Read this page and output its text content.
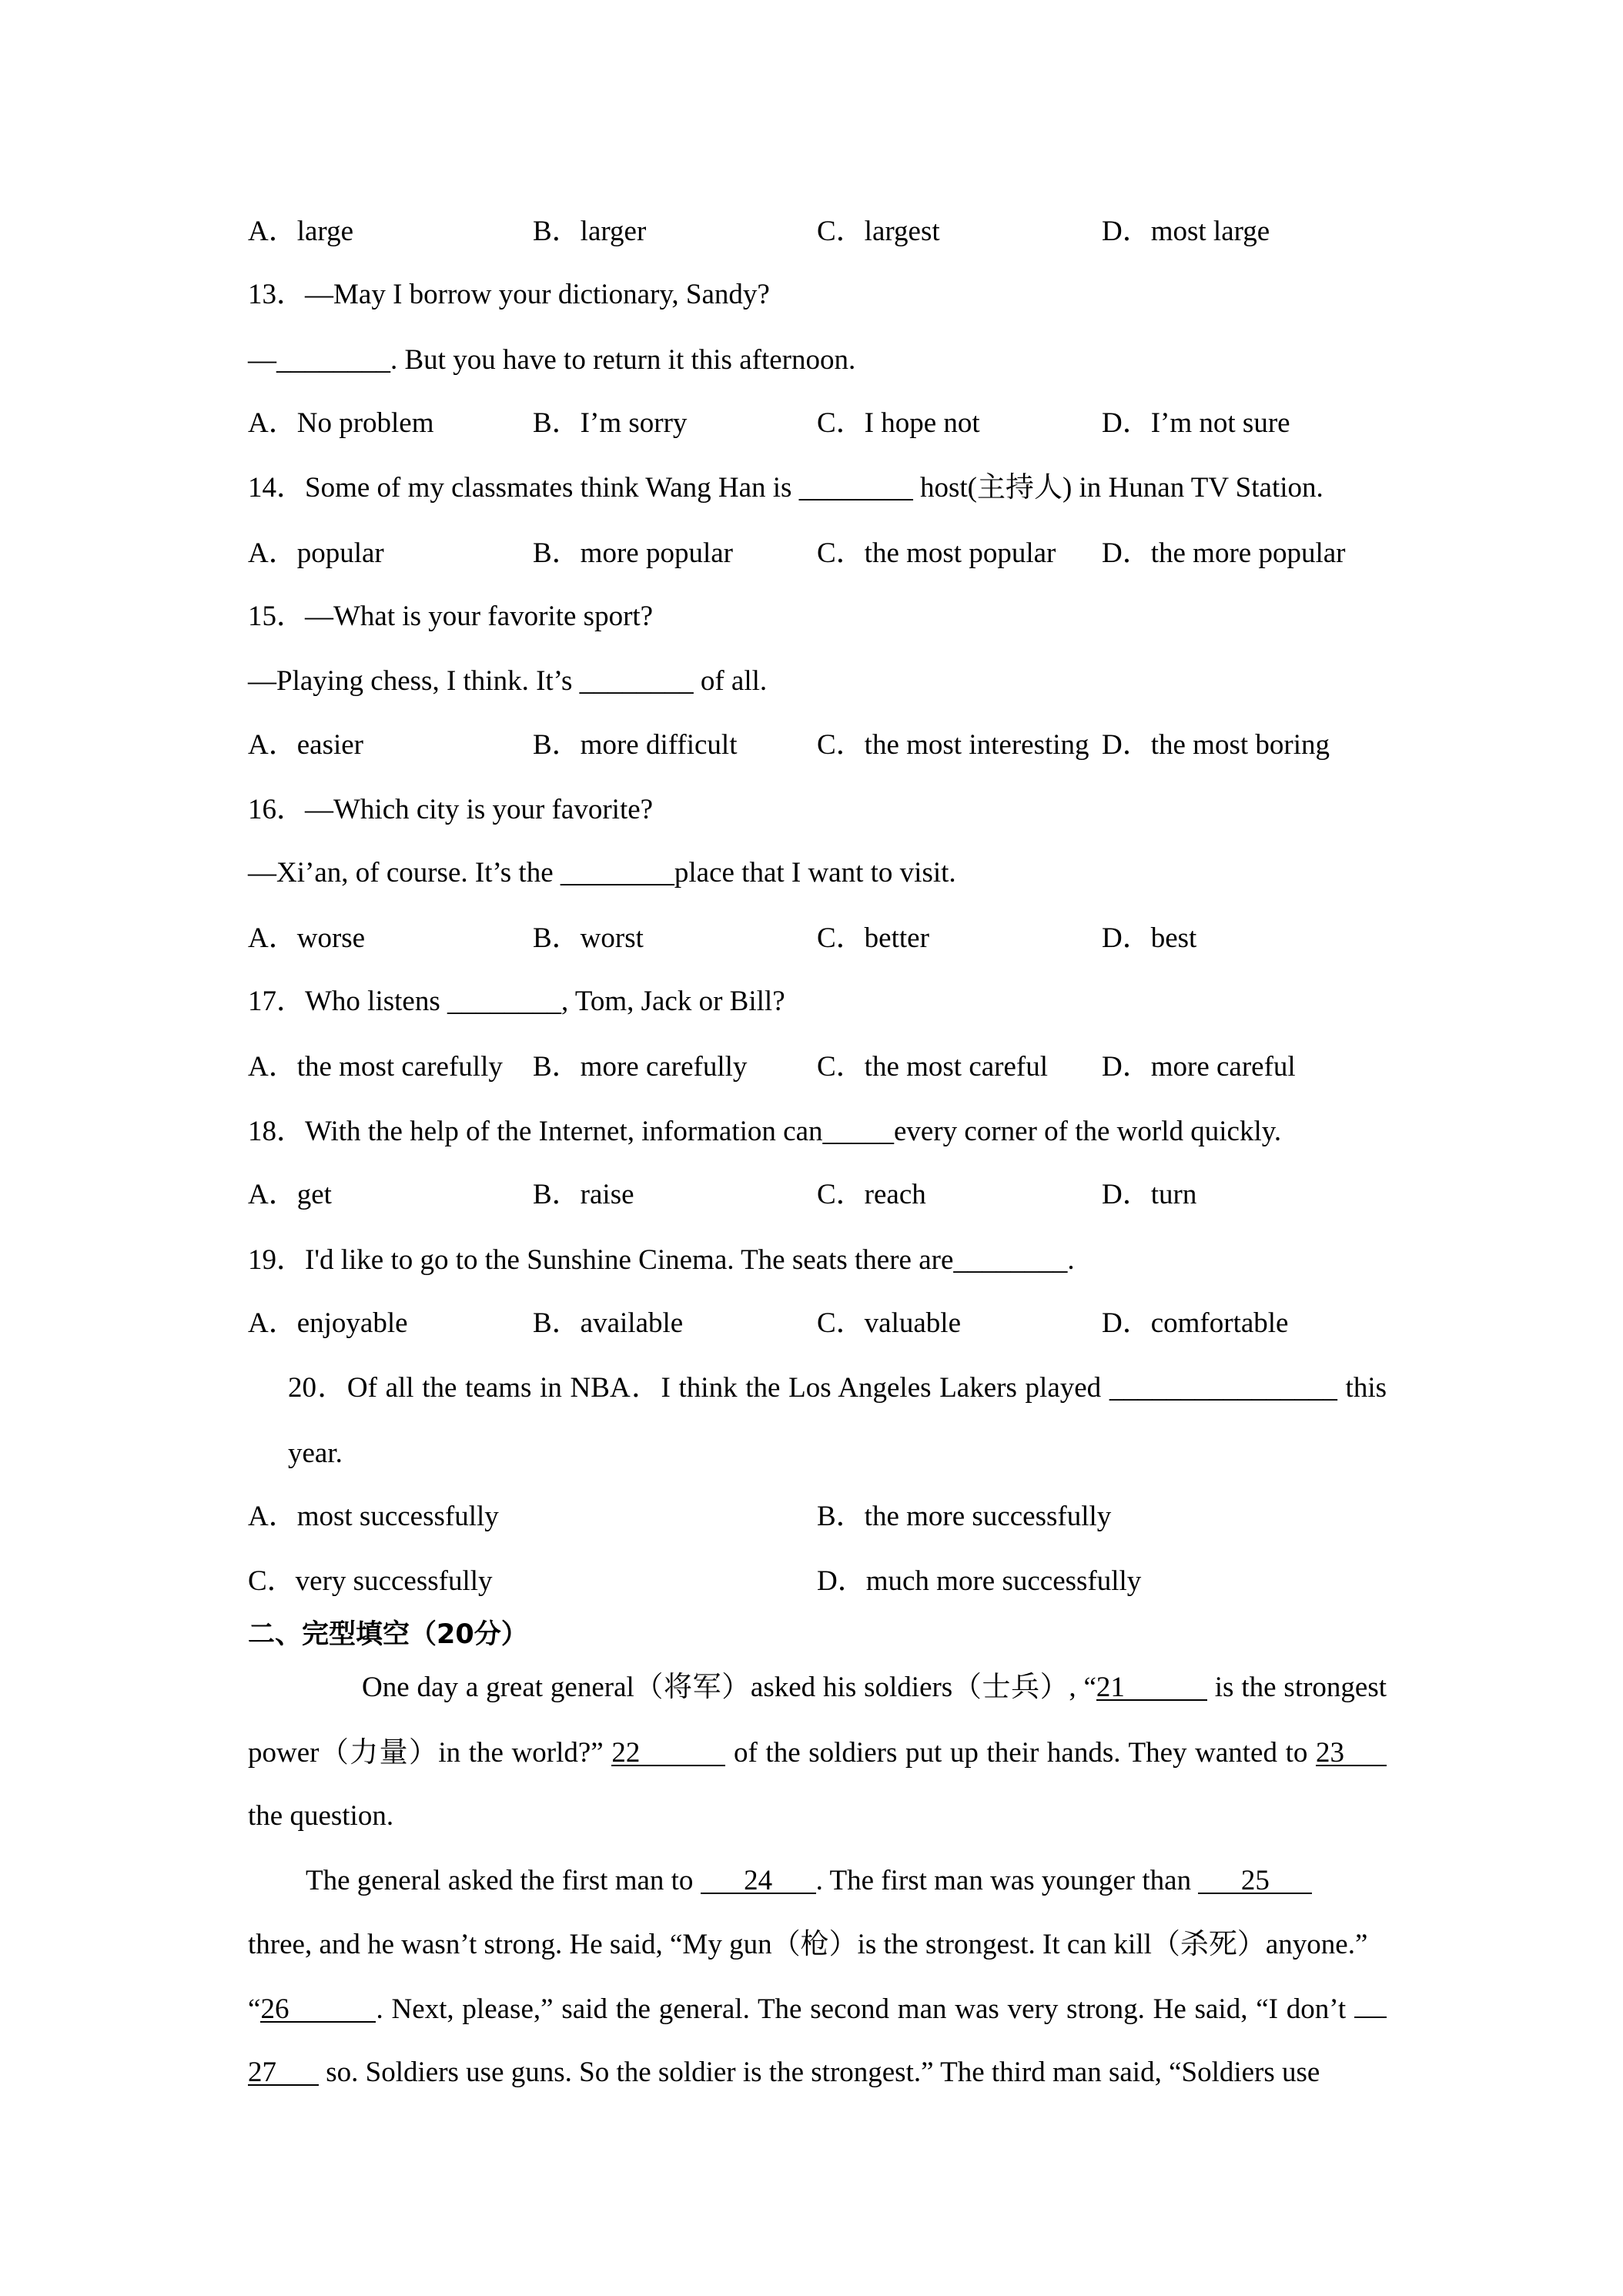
A．large	B．larger	C．largest	D．most large
13．—May I borrow your dictionary, Sandy?
—________. But you have to return it this afternoon.
A．No problem	B．I’m sorry	C．I hope not	D．I’m not sure
14．Some of my classmates think Wang Han is ________ host(主持人) in Hunan TV Station.
A．popular	B．more popular	C．the most popular D．the more popular
15．—What is your favorite sport?
—Playing chess, I think. It’s ________ of all.
A．easier	B．more difficult	C．the most interesting D．the most boring
16．—Which city is your favorite?
—Xi’an, of course. It’s the ________place that I want to visit.
A．worse	B．worst	C．better	D．best
17．Who listens ________, Tom, Jack or Bill?
A．the most carefully B．more carefully C．the most careful D．more careful
18．With the help of the Internet, information can_____every corner of the world quickly.
A．get	B．raise	C．reach	D．turn
19．I'd like to go to the Sunshine Cinema. The seats there are________.
A．enjoyable	B．available	C．valuable	D．comfortable
20．Of all the teams in NBA．I think the Los Angeles Lakers played ________________ this
year.
A．most successfully	B．the more successfully
C．very successfully	D．much more successfully
二、完型填空（20分）
One day a great general（将军）asked his soldiers（士兵）, “21	is the strongest
power（力量）in the world?” 22	of the soldiers put up their hands. They wanted to 23
the question.
The general asked the first man to 24 . The first man was younger than 25
three, and he wasn’t strong. He said, “My gun（枪）is the strongest. It can kill（杀死）anyone.”
“26	. Next, please,” said the general. The second man was very strong. He said, “I don’t
27 so. Soldiers use guns. So the soldier is the strongest.” The third man said, “Soldiers use
